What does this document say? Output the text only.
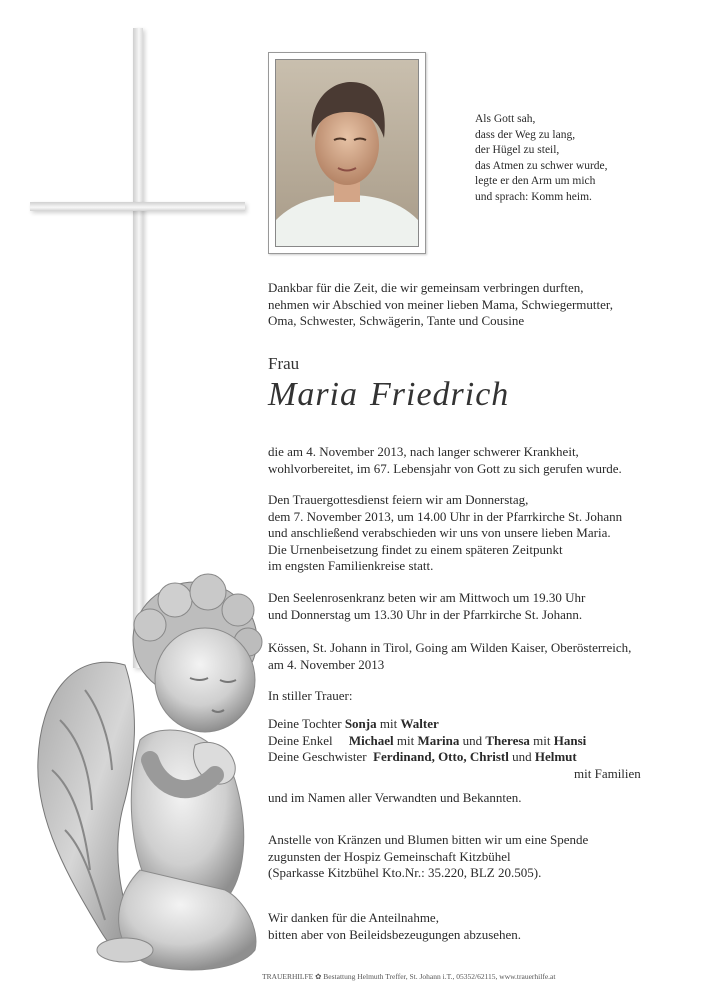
Als Gott sah,
dass der Weg zu lang,
der Hügel zu steil,
das Atmen zu schwer wurde,
legte er den Arm um mich
und sprach: Komm heim.
Dankbar für die Zeit, die wir gemeinsam verbringen durften,
nehmen wir Abschied von meiner lieben Mama, Schwiegermutter,
Oma, Schwester, Schwägerin, Tante und Cousine
Frau
Maria Friedrich
die am 4. November 2013, nach langer schwerer Krankheit,
wohlvorbereitet, im 67. Lebensjahr von Gott zu sich gerufen wurde.
Den Trauergottesdienst feiern wir am Donnerstag,
dem 7. November 2013, um 14.00 Uhr in der Pfarrkirche St. Johann
und anschließend verabschieden wir uns von unsere lieben Maria.
Die Urnenbeisetzung findet zu einem späteren Zeitpunkt
im engsten Familienkreise statt.
Den Seelenrosenkranz beten wir am Mittwoch um 19.30 Uhr
und Donnerstag um 13.30 Uhr in der Pfarrkirche St. Johann.
Kössen, St. Johann in Tirol, Going am Wilden Kaiser, Oberösterreich,
am 4. November 2013
In stiller Trauer:
Deine Tochter Sonja mit Walter
Deine Enkel     Michael mit Marina und Theresa mit Hansi
Deine Geschwister  Ferdinand, Otto, Christl und Helmut
mit Familien
und im Namen aller Verwandten und Bekannten.
Anstelle von Kränzen und Blumen bitten wir um eine Spende
zugunsten der Hospiz Gemeinschaft Kitzbühel
(Sparkasse Kitzbühel Kto.Nr.: 35.220, BLZ 20.505).
Wir danken für die Anteilnahme,
bitten aber von Beileidsbezeugungen abzusehen.
TRAUERHILFE ✿ Bestattung Helmuth Treffer, St. Johann i.T., 05352/62115, www.trauerhilfe.at
